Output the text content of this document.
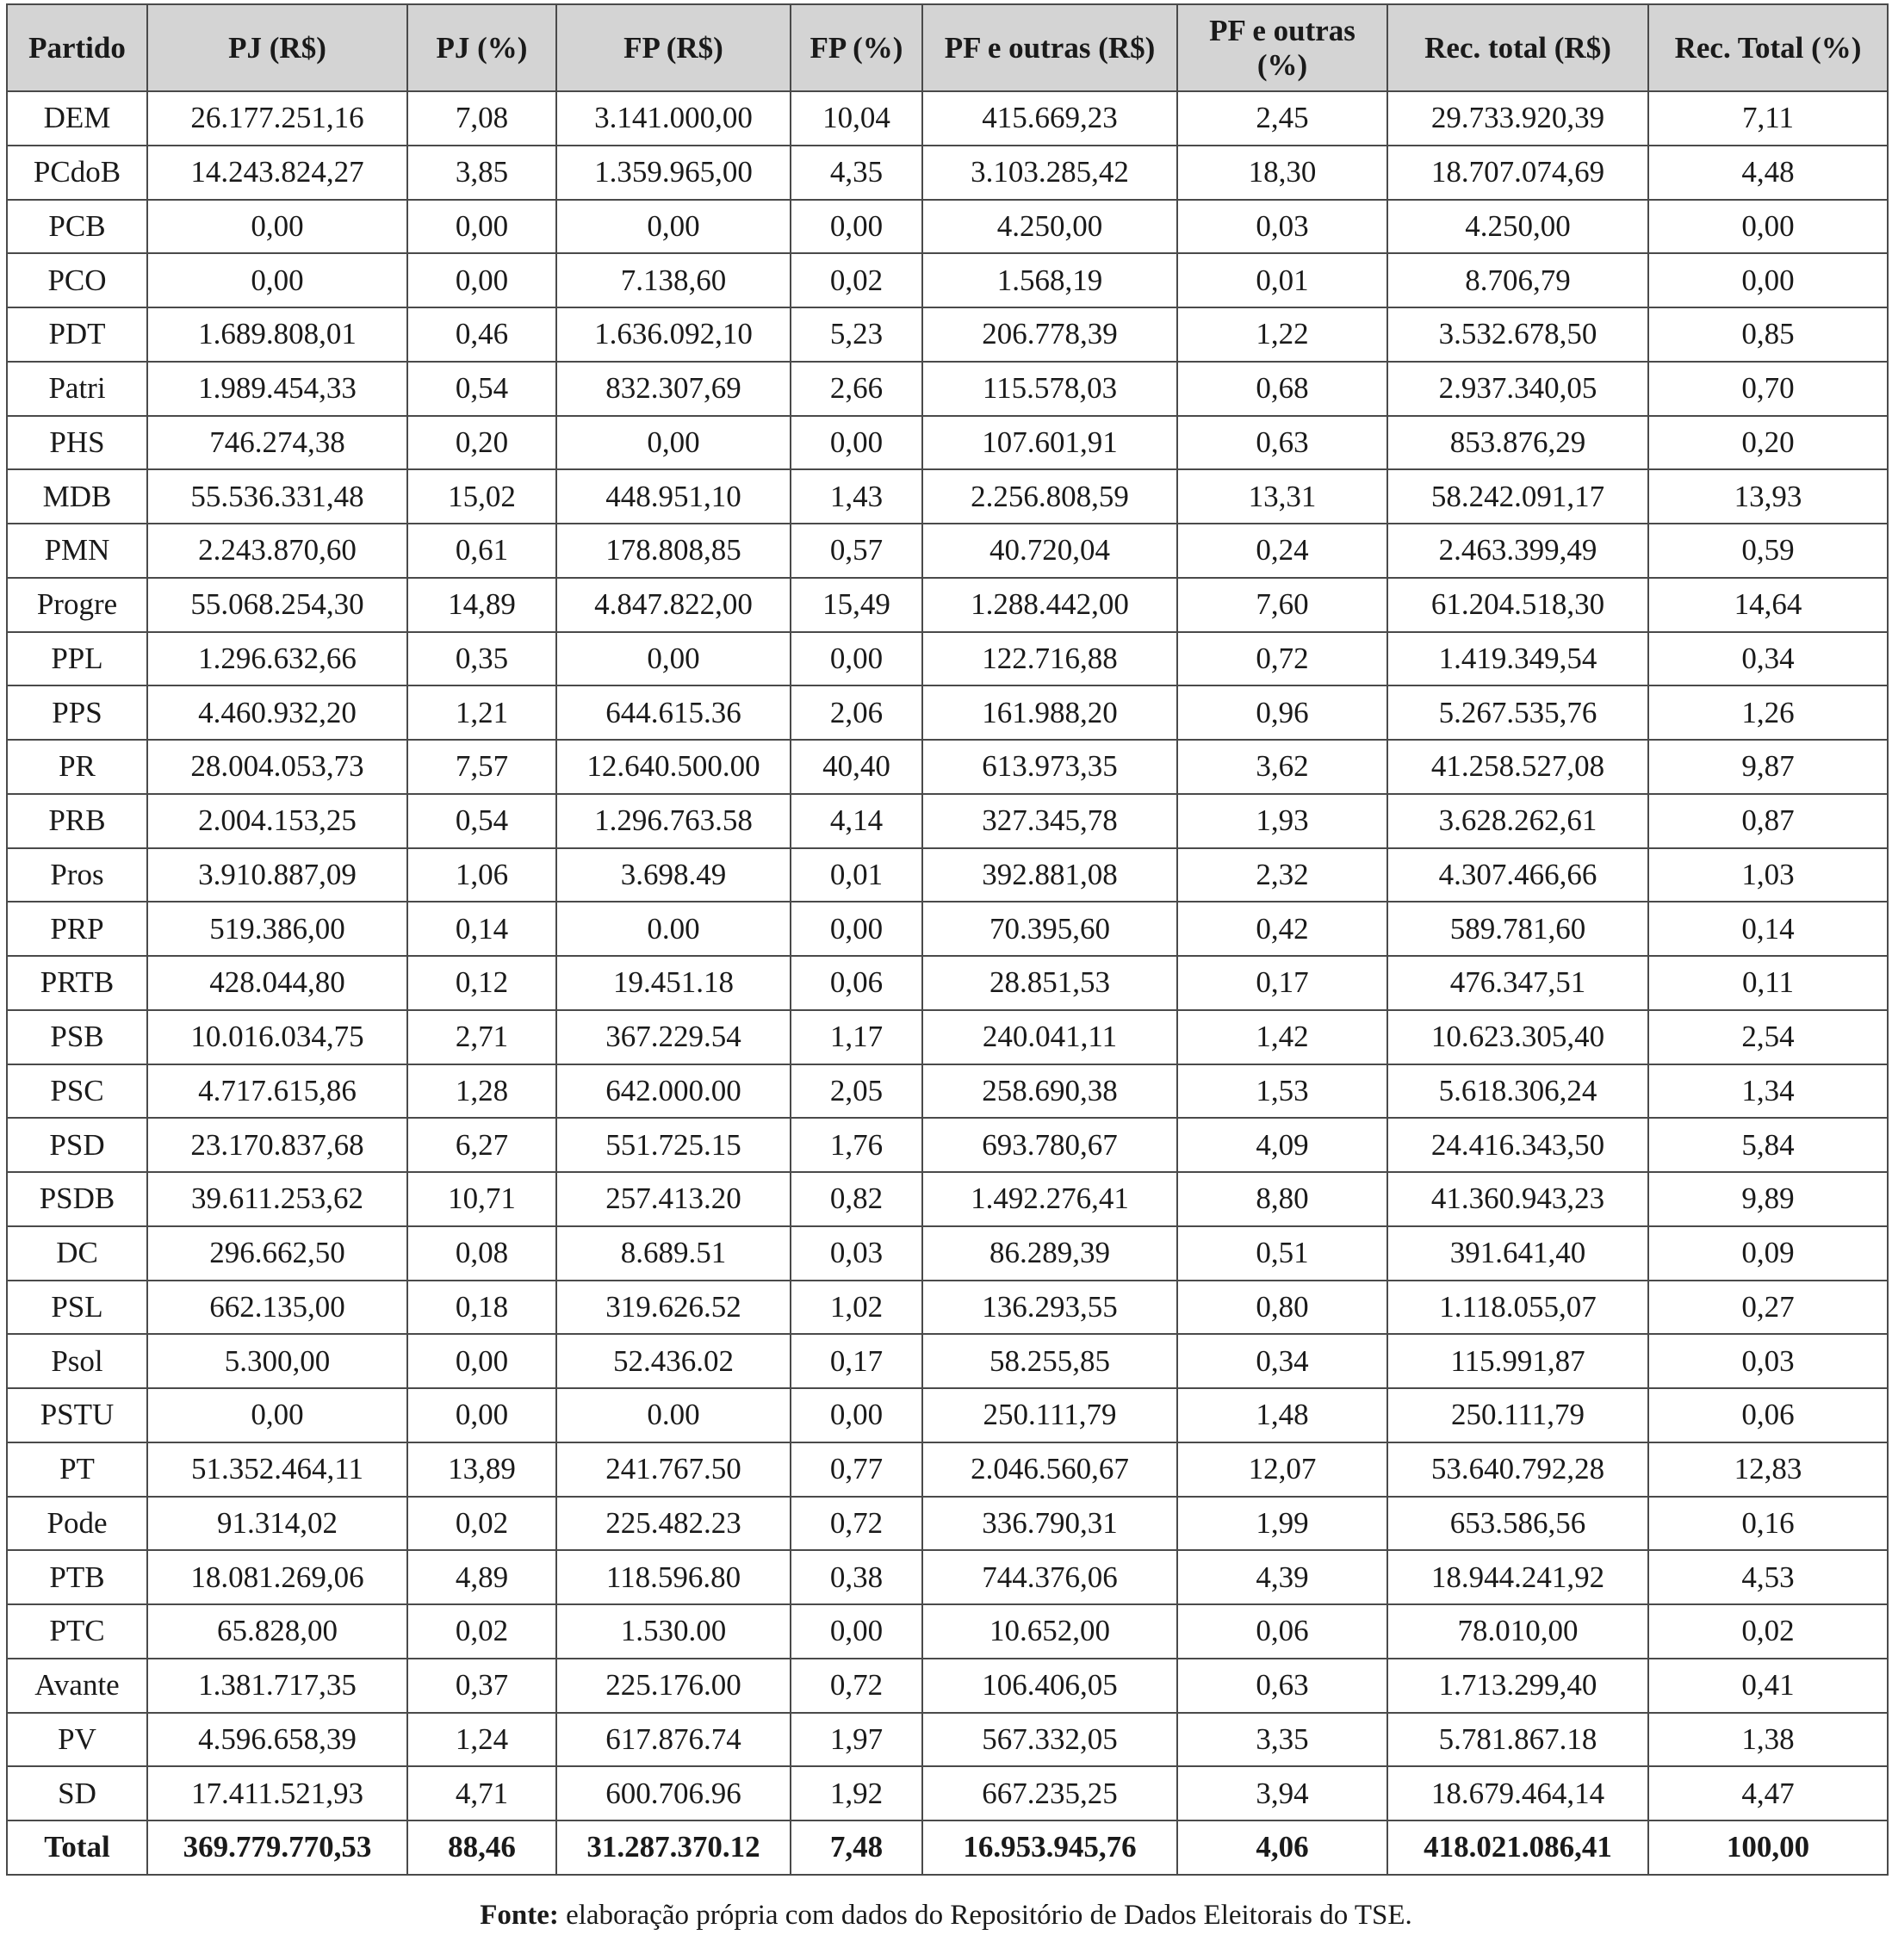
Partido	PJ (R$)	PJ (%)	FP (R$)	FP (%)	PF e outras (R$)	PF e outras (%)	Rec. total (R$)	Rec. Total (%)
DEM	26.177.251,16	7,08	3.141.000,00	10,04	415.669,23	2,45	29.733.920,39	7,11
PCdoB	14.243.824,27	3,85	1.359.965,00	4,35	3.103.285,42	18,30	18.707.074,69	4,48
PCB	0,00	0,00	0,00	0,00	4.250,00	0,03	4.250,00	0,00
PCO	0,00	0,00	7.138,60	0,02	1.568,19	0,01	8.706,79	0,00
PDT	1.689.808,01	0,46	1.636.092,10	5,23	206.778,39	1,22	3.532.678,50	0,85
Patri	1.989.454,33	0,54	832.307,69	2,66	115.578,03	0,68	2.937.340,05	0,70
PHS	746.274,38	0,20	0,00	0,00	107.601,91	0,63	853.876,29	0,20
MDB	55.536.331,48	15,02	448.951,10	1,43	2.256.808,59	13,31	58.242.091,17	13,93
PMN	2.243.870,60	0,61	178.808,85	0,57	40.720,04	0,24	2.463.399,49	0,59
Progre	55.068.254,30	14,89	4.847.822,00	15,49	1.288.442,00	7,60	61.204.518,30	14,64
PPL	1.296.632,66	0,35	0,00	0,00	122.716,88	0,72	1.419.349,54	0,34
PPS	4.460.932,20	1,21	644.615.36	2,06	161.988,20	0,96	5.267.535,76	1,26
PR	28.004.053,73	7,57	12.640.500.00	40,40	613.973,35	3,62	41.258.527,08	9,87
PRB	2.004.153,25	0,54	1.296.763.58	4,14	327.345,78	1,93	3.628.262,61	0,87
Pros	3.910.887,09	1,06	3.698.49	0,01	392.881,08	2,32	4.307.466,66	1,03
PRP	519.386,00	0,14	0.00	0,00	70.395,60	0,42	589.781,60	0,14
PRTB	428.044,80	0,12	19.451.18	0,06	28.851,53	0,17	476.347,51	0,11
PSB	10.016.034,75	2,71	367.229.54	1,17	240.041,11	1,42	10.623.305,40	2,54
PSC	4.717.615,86	1,28	642.000.00	2,05	258.690,38	1,53	5.618.306,24	1,34
PSD	23.170.837,68	6,27	551.725.15	1,76	693.780,67	4,09	24.416.343,50	5,84
PSDB	39.611.253,62	10,71	257.413.20	0,82	1.492.276,41	8,80	41.360.943,23	9,89
DC	296.662,50	0,08	8.689.51	0,03	86.289,39	0,51	391.641,40	0,09
PSL	662.135,00	0,18	319.626.52	1,02	136.293,55	0,80	1.118.055,07	0,27
Psol	5.300,00	0,00	52.436.02	0,17	58.255,85	0,34	115.991,87	0,03
PSTU	0,00	0,00	0.00	0,00	250.111,79	1,48	250.111,79	0,06
PT	51.352.464,11	13,89	241.767.50	0,77	2.046.560,67	12,07	53.640.792,28	12,83
Pode	91.314,02	0,02	225.482.23	0,72	336.790,31	1,99	653.586,56	0,16
PTB	18.081.269,06	4,89	118.596.80	0,38	744.376,06	4,39	18.944.241,92	4,53
PTC	65.828,00	0,02	1.530.00	0,00	10.652,00	0,06	78.010,00	0,02
Avante	1.381.717,35	0,37	225.176.00	0,72	106.406,05	0,63	1.713.299,40	0,41
PV	4.596.658,39	1,24	617.876.74	1,97	567.332,05	3,35	5.781.867.18	1,38
SD	17.411.521,93	4,71	600.706.96	1,92	667.235,25	3,94	18.679.464,14	4,47
Total	369.779.770,53	88,46	31.287.370.12	7,48	16.953.945,76	4,06	418.021.086,41	100,00
Fonte: elaboração própria com dados do Repositório de Dados Eleitorais do TSE.
